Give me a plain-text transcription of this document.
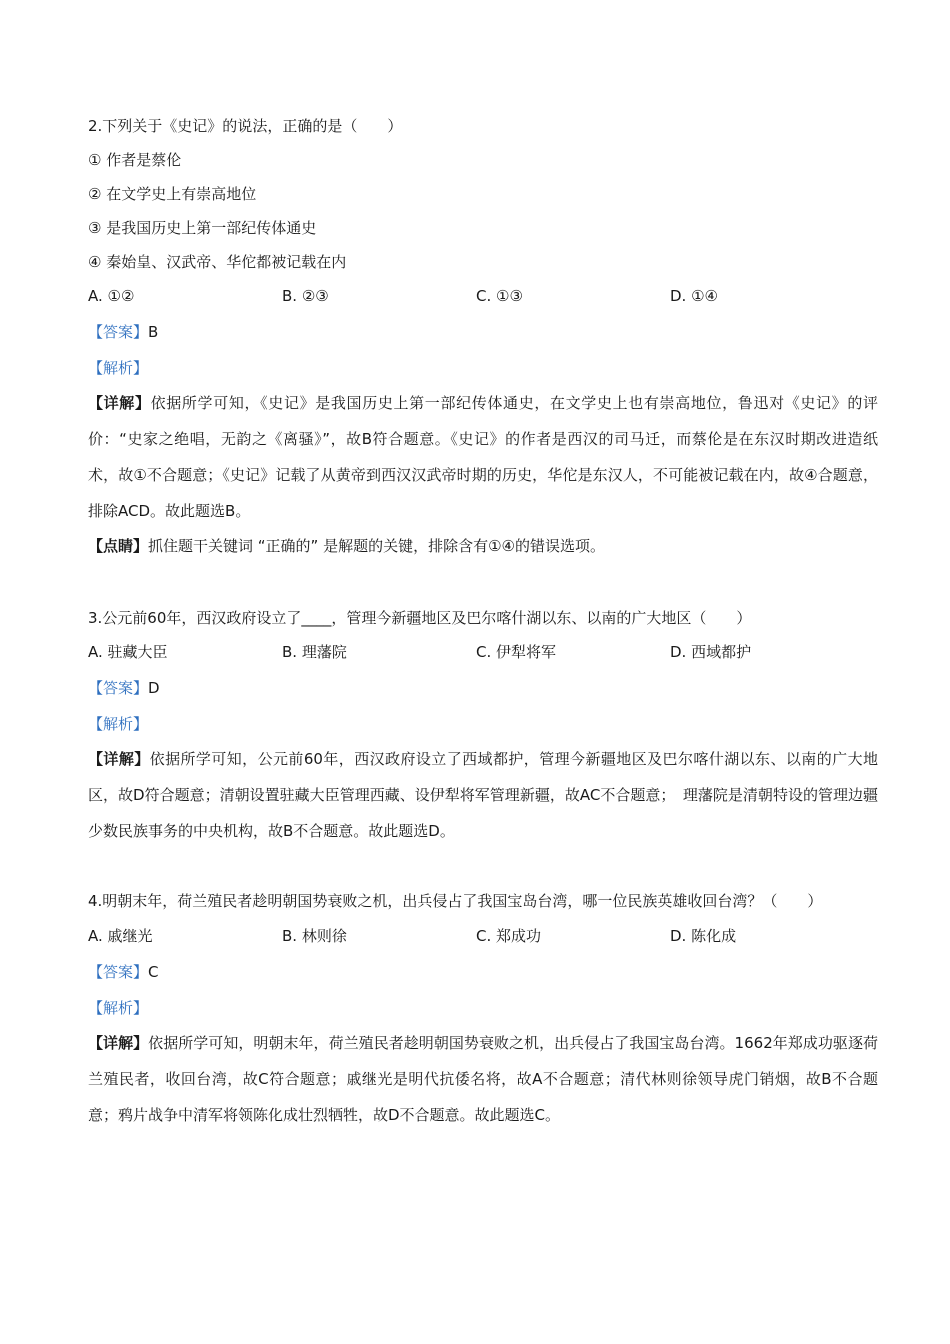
2.下列关于《史记》的说法，正确的是（　　）
① 作者是蔡伦
② 在文学史上有崇高地位
③ 是我国历史上第一部纪传体通史
④ 秦始皇、汉武帝、华佗都被记载在内
A. ①②	B. ②③	C. ①③	D. ①④
【答案】B
【解析】

【详解】依据所学可知，《史记》是我国历史上第一部纪传体通史，在文学史上也有崇高地位，鲁迅对《史记》的评价：“史家之绝唱，无韵之《离骚》”，故B符合题意。《史记》的作者是西汉的司马迁，而蔡伦是在东汉时期改进造纸术，故①不合题意；《史记》记载了从黄帝到西汉汉武帝时期的历史，华佗是东汉人，不可能被记载在内，故④合题意，排除ACD。故此题选B。

【点睛】抓住题干关键词 “正确的” 是解题的关键，排除含有①④的错误选项。
3.公元前60年，西汉政府设立了____，管理今新疆地区及巴尔喀什湖以东、以南的广大地区（　　）
A. 驻藏大臣	B. 理藩院	C. 伊犁将军	D. 西域都护
【答案】D
【解析】

【详解】依据所学可知，公元前60年，西汉政府设立了西域都护，管理今新疆地区及巴尔喀什湖以东、以南的广大地区，故D符合题意；清朝设置驻藏大臣管理西藏、设伊犁将军管理新疆，故AC不合题意；　理藩院是清朝特设的管理边疆少数民族事务的中央机构，故B不合题意。故此题选D。

4.明朝末年，荷兰殖民者趁明朝国势衰败之机，出兵侵占了我国宝岛台湾，哪一位民族英雄收回台湾？（　　）
A. 戚继光	B. 林则徐	C. 郑成功	D. 陈化成
【答案】C
【解析】

【详解】依据所学可知，明朝末年，荷兰殖民者趁明朝国势衰败之机，出兵侵占了我国宝岛台湾。1662年郑成功驱逐荷兰殖民者，收回台湾，故C符合题意；戚继光是明代抗倭名将，故A不合题意；清代林则徐领导虎门销烟，故B不合题意；鸦片战争中清军将领陈化成壮烈牺牲，故D不合题意。故此题选C。
